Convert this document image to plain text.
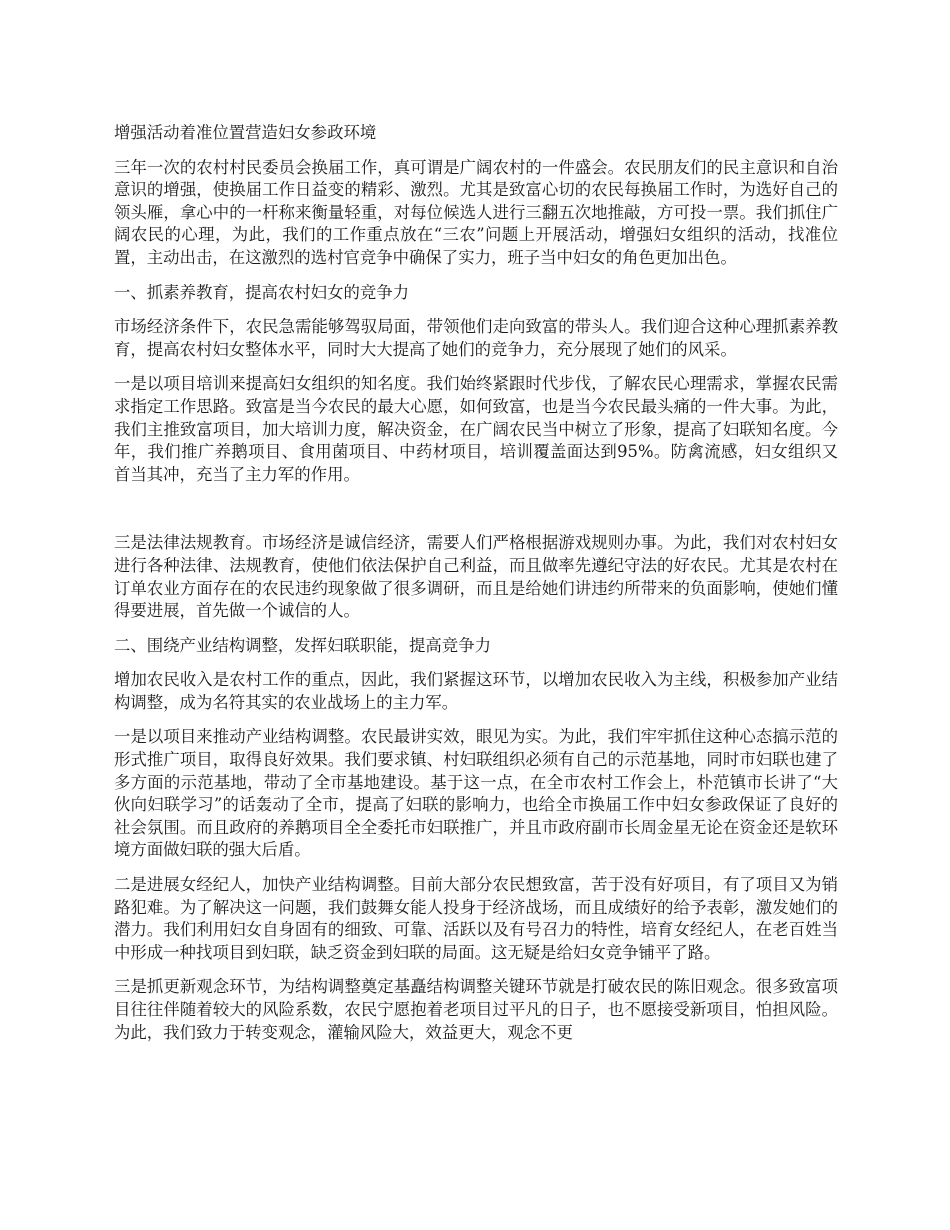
增强活动着准位置营造妇女参政环境

三年一次的农村村民委员会换届工作，真可谓是广阔农村的一件盛会。农民朋友们的民主意识和自治意识的增强，使换届工作日益变的精彩、激烈。尤其是致富心切的农民每换届工作时，为选好自己的领头雁，拿心中的一杆称来衡量轻重，对每位候选人进行三翻五次地推敲，方可投一票。我们抓住广阔农民的心理，为此，我们的工作重点放在“三农”问题上开展活动，增强妇女组织的活动，找准位置，主动出击，在这激烈的选村官竞争中确保了实力，班子当中妇女的角色更加出色。

一、抓素养教育，提高农村妇女的竞争力

市场经济条件下，农民急需能够驾驭局面，带领他们走向致富的带头人。我们迎合这种心理抓素养教育，提高农村妇女整体水平，同时大大提高了她们的竞争力，充分展现了她们的风采。

一是以项目培训来提高妇女组织的知名度。我们始终紧跟时代步伐，了解农民心理需求，掌握农民需求指定工作思路。致富是当今农民的最大心愿，如何致富，也是当今农民最头痛的一件大事。为此，我们主推致富项目，加大培训力度，解决资金，在广阔农民当中树立了形象，提高了妇联知名度。今年，我们推广养鹅项目、食用菌项目、中药材项目，培训覆盖面达到95%。防禽流感，妇女组织又首当其冲，充当了主力军的作用。

三是法律法规教育。市场经济是诚信经济，需要人们严格根据游戏规则办事。为此，我们对农村妇女进行各种法律、法规教育，使他们依法保护自己利益，而且做率先遵纪守法的好农民。尤其是农村在订单农业方面存在的农民违约现象做了很多调研，而且是给她们讲违约所带来的负面影响，使她们懂得要进展，首先做一个诚信的人。

二、围绕产业结构调整，发挥妇联职能，提高竞争力

增加农民收入是农村工作的重点，因此，我们紧握这环节，以增加农民收入为主线，积极参加产业结构调整，成为名符其实的农业战场上的主力军。

一是以项目来推动产业结构调整。农民最讲实效，眼见为实。为此，我们牢牢抓住这种心态搞示范的形式推广项目，取得良好效果。我们要求镇、村妇联组织必须有自己的示范基地，同时市妇联也建了多方面的示范基地，带动了全市基地建设。基于这一点，在全市农村工作会上，朴范镇市长讲了“大伙向妇联学习”的话轰动了全市，提高了妇联的影响力，也给全市换届工作中妇女参政保证了良好的社会氛围。而且政府的养鹅项目全全委托市妇联推广，并且市政府副市长周金星无论在资金还是软环境方面做妇联的强大后盾。

二是进展女经纪人，加快产业结构调整。目前大部分农民想致富，苦于没有好项目，有了项目又为销路犯难。为了解决这一问题，我们鼓舞女能人投身于经济战场，而且成绩好的给予表彰，激发她们的潜力。我们利用妇女自身固有的细致、可靠、活跃以及有号召力的特性，培育女经纪人，在老百姓当中形成一种找项目到妇联，缺乏资金到妇联的局面。这无疑是给妇女竞争铺平了路。

三是抓更新观念环节，为结构调整奠定基矗结构调整关键环节就是打破农民的陈旧观念。很多致富项目往往伴随着较大的风险系数，农民宁愿抱着老项目过平凡的日子，也不愿接受新项目，怕担风险。为此，我们致力于转变观念，灌输风险大，效益更大，观念不更
